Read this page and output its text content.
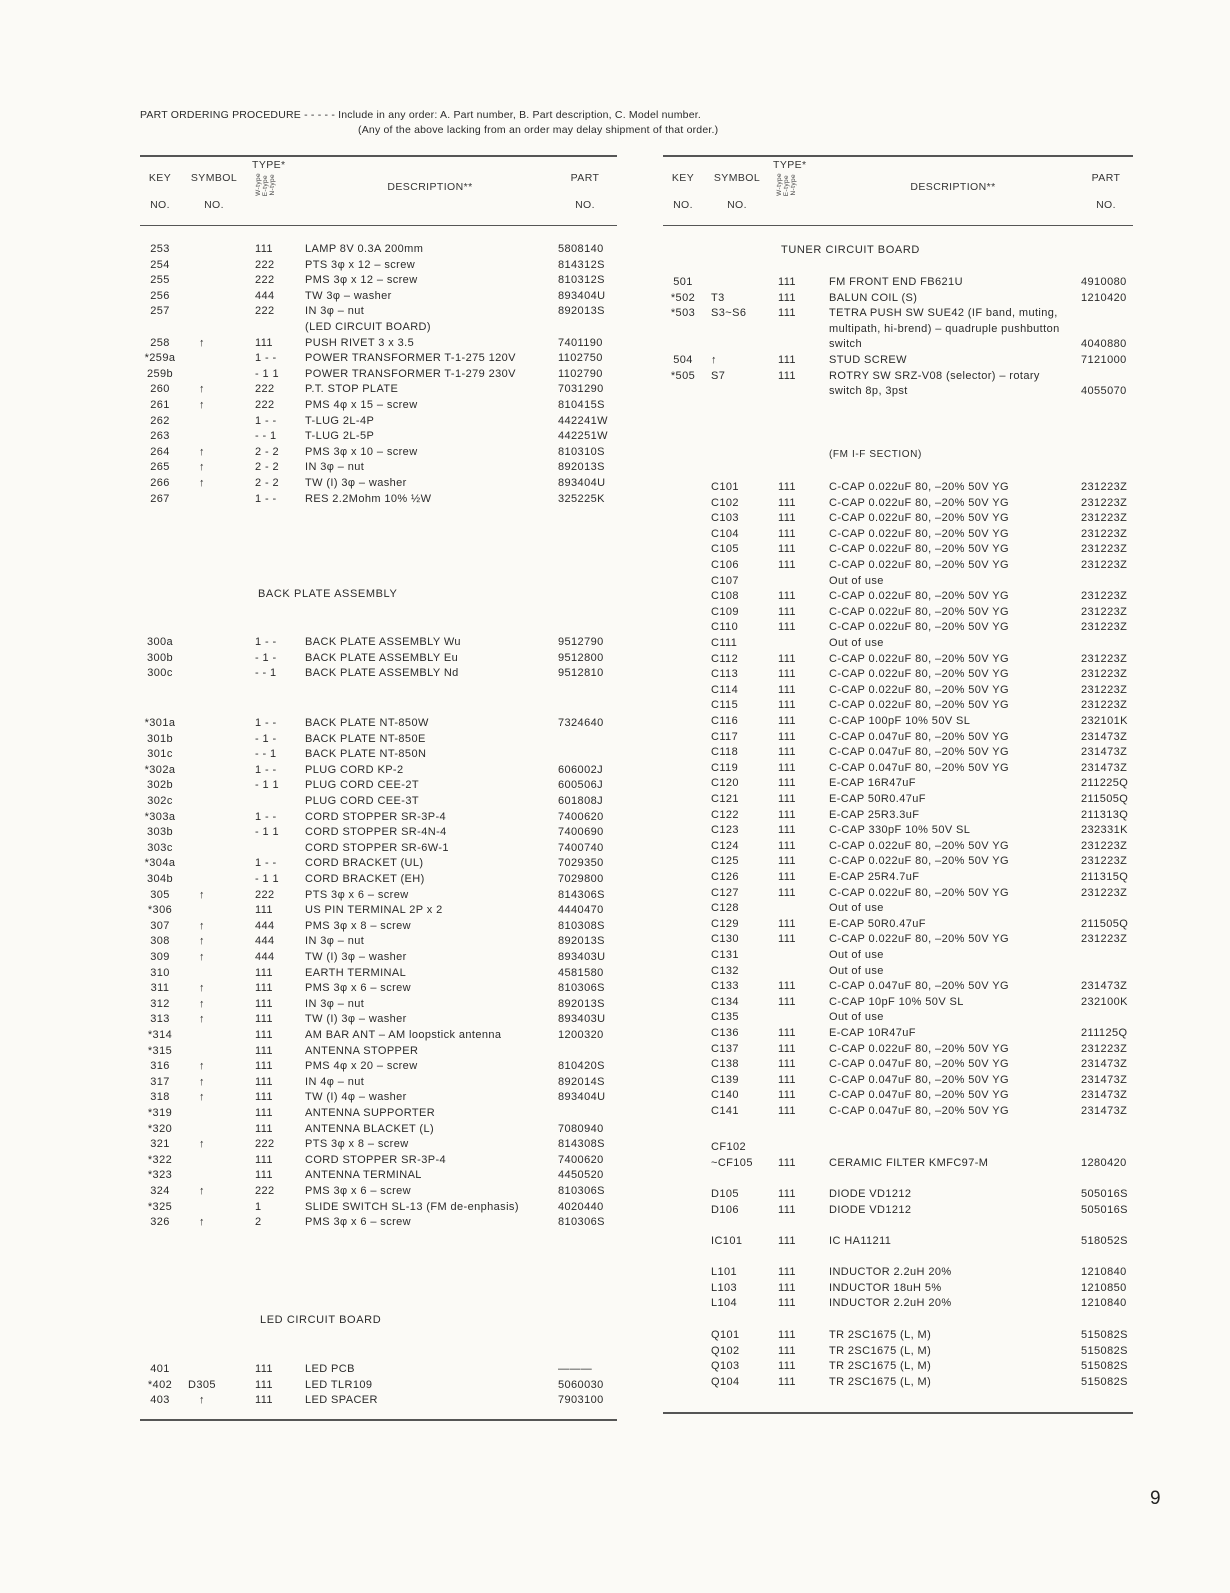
PART ORDERING PROCEDURE - - - - - Include in any order: A. Part number, B. Part description, C. Model number.
(Any of the above lacking from an order may delay shipment of that order.)
KEY
NO.
SYMBOL
NO.
TYPE*
W-typeE-typeN-type	DESCRIPTION**
PART
NO.
253	111	LAMP 8V 0.3A 200mm	5808140
254	222	PTS 3φ x 12 – screw	814312S
255	222	PMS 3φ x 12 – screw	810312S
256	444	TW 3φ – washer	893404U
257	222	IN 3φ – nut	892013S
(LED CIRCUIT BOARD)
258	↑	111	PUSH RIVET 3 x 3.5	7401190
*259a	1 - -	POWER TRANSFORMER T-1-275 120V	1102750
259b	- 1 1	POWER TRANSFORMER T-1-279 230V	1102790
260	↑	222	P.T. STOP PLATE	7031290
261	↑	222	PMS 4φ x 15 – screw	810415S
262	1 - -	T-LUG 2L-4P	442241W
263	- - 1	T-LUG 2L-5P	442251W
264	↑	2 - 2	PMS 3φ x 10 – screw	810310S
265	↑	2 - 2	IN 3φ – nut	892013S
266	↑	2 - 2	TW (I) 3φ – washer	893404U
267	1 - -	RES 2.2Mohm 10% ½W	325225K
BACK PLATE ASSEMBLY
300a	1 - -	BACK PLATE ASSEMBLY Wu	9512790
300b	- 1 -	BACK PLATE ASSEMBLY Eu	9512800
300c	- - 1	BACK PLATE ASSEMBLY Nd	9512810
*301a	1 - -	BACK PLATE NT-850W	7324640
301b	- 1 -	BACK PLATE NT-850E
301c	- - 1	BACK PLATE NT-850N
*302a	1 - -	PLUG CORD KP-2	606002J
302b	- 1 1	PLUG CORD CEE-2T	600506J
302c	PLUG CORD CEE-3T	601808J
*303a	1 - -	CORD STOPPER SR-3P-4	7400620
303b	- 1 1	CORD STOPPER SR-4N-4	7400690
303c	CORD STOPPER SR-6W-1	7400740
*304a	1 - -	CORD BRACKET (UL)	7029350
304b	- 1 1	CORD BRACKET (EH)	7029800
305	↑	222	PTS 3φ x 6 – screw	814306S
*306	111	US PIN TERMINAL 2P x 2	4440470
307	↑	444	PMS 3φ x 8 – screw	810308S
308	↑	444	IN 3φ – nut	892013S
309	↑	444	TW (I) 3φ – washer	893403U
310	111	EARTH TERMINAL	4581580
311	↑	111	PMS 3φ x 6 – screw	810306S
312	↑	111	IN 3φ – nut	892013S
313	↑	111	TW (I) 3φ – washer	893403U
*314	111	AM BAR ANT – AM loopstick antenna	1200320
*315	111	ANTENNA STOPPER
316	↑	111	PMS 4φ x 20 – screw	810420S
317	↑	111	IN 4φ – nut	892014S
318	↑	111	TW (I) 4φ – washer	893404U
*319	111	ANTENNA SUPPORTER
*320	111	ANTENNA BLACKET (L)	7080940
321	↑	222	PTS 3φ x 8 – screw	814308S
*322	111	CORD STOPPER SR-3P-4	7400620
*323	111	ANTENNA TERMINAL	4450520
324	↑	222	PMS 3φ x 6 – screw	810306S
*325	1	SLIDE SWITCH SL-13 (FM de-enphasis)	4020440
326	↑	2	PMS 3φ x 6 – screw	810306S
LED CIRCUIT BOARD
401	111	LED PCB	———
*402	D305	111	LED TLR109	5060030
403	↑	111	LED SPACER	7903100
KEY
NO.
SYMBOL
NO.
TYPE*
W-typeE-typeN-type	DESCRIPTION**
PART
NO.
TUNER CIRCUIT BOARD
501	111	FM FRONT END FB621U	4910080
*502	T3	111	BALUN COIL (S)	1210420
*503	S3~S6	111	TETRA PUSH SW SUE42 (IF band, muting,
multipath, hi-brend) – quadruple pushbutton
switch	4040880
504	↑	111	STUD SCREW	7121000
*505	S7	111	ROTRY SW SRZ-V08 (selector) – rotary
switch 8p, 3pst	4055070
(FM I-F SECTION)
C101	111	C-CAP 0.022uF 80, –20% 50V YG	231223Z
C102	111	C-CAP 0.022uF 80, –20% 50V YG	231223Z
C103	111	C-CAP 0.022uF 80, –20% 50V YG	231223Z
C104	111	C-CAP 0.022uF 80, –20% 50V YG	231223Z
C105	111	C-CAP 0.022uF 80, –20% 50V YG	231223Z
C106	111	C-CAP 0.022uF 80, –20% 50V YG	231223Z
C107	Out of use
C108	111	C-CAP 0.022uF 80, –20% 50V YG	231223Z
C109	111	C-CAP 0.022uF 80, –20% 50V YG	231223Z
C110	111	C-CAP 0.022uF 80, –20% 50V YG	231223Z
C111	Out of use
C112	111	C-CAP 0.022uF 80, –20% 50V YG	231223Z
C113	111	C-CAP 0.022uF 80, –20% 50V YG	231223Z
C114	111	C-CAP 0.022uF 80, –20% 50V YG	231223Z
C115	111	C-CAP 0.022uF 80, –20% 50V YG	231223Z
C116	111	C-CAP 100pF 10% 50V SL	232101K
C117	111	C-CAP 0.047uF 80, –20% 50V YG	231473Z
C118	111	C-CAP 0.047uF 80, –20% 50V YG	231473Z
C119	111	C-CAP 0.047uF 80, –20% 50V YG	231473Z
C120	111	E-CAP 16R47uF	211225Q
C121	111	E-CAP 50R0.47uF	211505Q
C122	111	E-CAP 25R3.3uF	211313Q
C123	111	C-CAP 330pF 10% 50V SL	232331K
C124	111	C-CAP 0.022uF 80, –20% 50V YG	231223Z
C125	111	C-CAP 0.022uF 80, –20% 50V YG	231223Z
C126	111	E-CAP 25R4.7uF	211315Q
C127	111	C-CAP 0.022uF 80, –20% 50V YG	231223Z
C128	Out of use
C129	111	E-CAP 50R0.47uF	211505Q
C130	111	C-CAP 0.022uF 80, –20% 50V YG	231223Z
C131	Out of use
C132	Out of use
C133	111	C-CAP 0.047uF 80, –20% 50V YG	231473Z
C134	111	C-CAP 10pF 10% 50V SL	232100K
C135	Out of use
C136	111	E-CAP 10R47uF	211125Q
C137	111	C-CAP 0.022uF 80, –20% 50V YG	231223Z
C138	111	C-CAP 0.047uF 80, –20% 50V YG	231473Z
C139	111	C-CAP 0.047uF 80, –20% 50V YG	231473Z
C140	111	C-CAP 0.047uF 80, –20% 50V YG	231473Z
C141	111	C-CAP 0.047uF 80, –20% 50V YG	231473Z
CF102
~CF105	111	CERAMIC FILTER KMFC97-M	1280420
D105	111	DIODE VD1212	505016S
D106	111	DIODE VD1212	505016S
IC101	111	IC HA11211	518052S
L101	111	INDUCTOR 2.2uH 20%	1210840
L103	111	INDUCTOR 18uH 5%	1210850
L104	111	INDUCTOR 2.2uH 20%	1210840
Q101	111	TR 2SC1675 (L, M)	515082S
Q102	111	TR 2SC1675 (L, M)	515082S
Q103	111	TR 2SC1675 (L, M)	515082S
Q104	111	TR 2SC1675 (L, M)	515082S
9
